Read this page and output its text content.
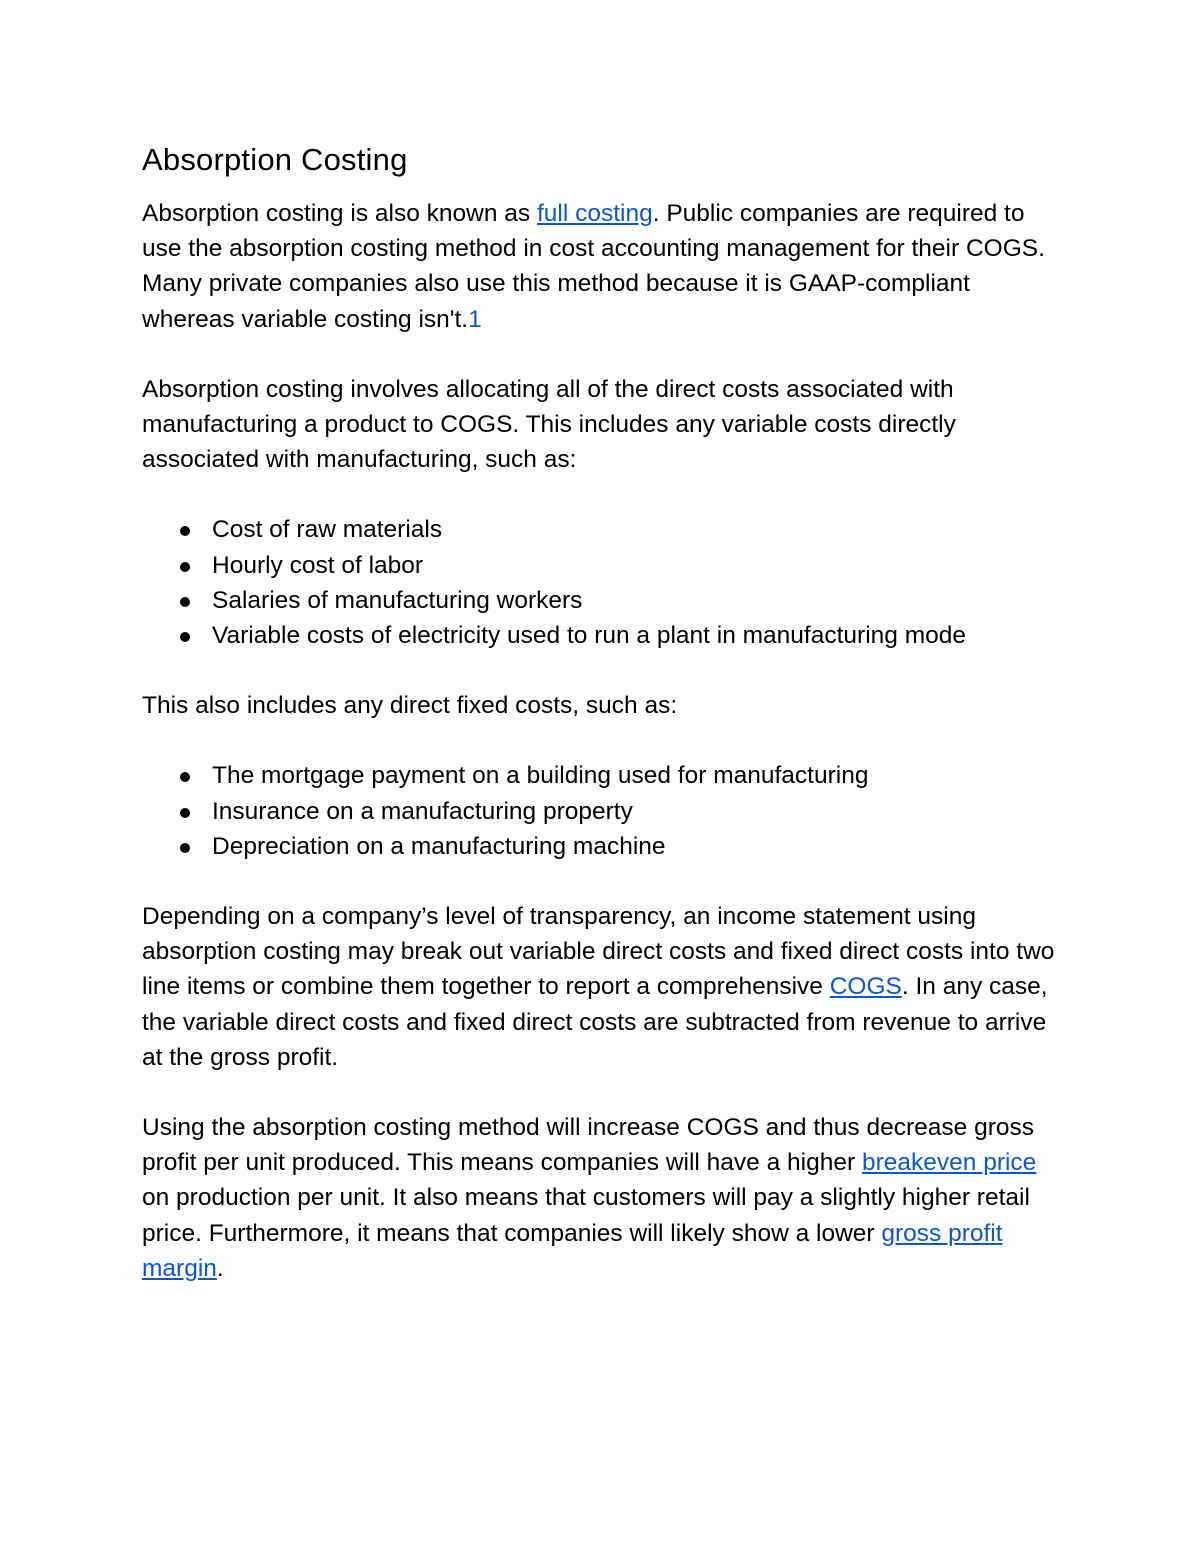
Absorption Costing

Absorption costing is also known as full costing. Public companies are required to use the absorption costing method in cost accounting management for their COGS. Many private companies also use this method because it is GAAP-compliant whereas variable costing isn't.1

Absorption costing involves allocating all of the direct costs associated with manufacturing a product to COGS. This includes any variable costs directly associated with manufacturing, such as:

Cost of raw materials
Hourly cost of labor
Salaries of manufacturing workers
Variable costs of electricity used to run a plant in manufacturing mode

This also includes any direct fixed costs, such as:

The mortgage payment on a building used for manufacturing
Insurance on a manufacturing property
Depreciation on a manufacturing machine

Depending on a company’s level of transparency, an income statement using absorption costing may break out variable direct costs and fixed direct costs into two line items or combine them together to report a comprehensive COGS. In any case, the variable direct costs and fixed direct costs are subtracted from revenue to arrive at the gross profit.

Using the absorption costing method will increase COGS and thus decrease gross profit per unit produced. This means companies will have a higher breakeven price on production per unit. It also means that customers will pay a slightly higher retail price. Furthermore, it means that companies will likely show a lower gross profit margin.
